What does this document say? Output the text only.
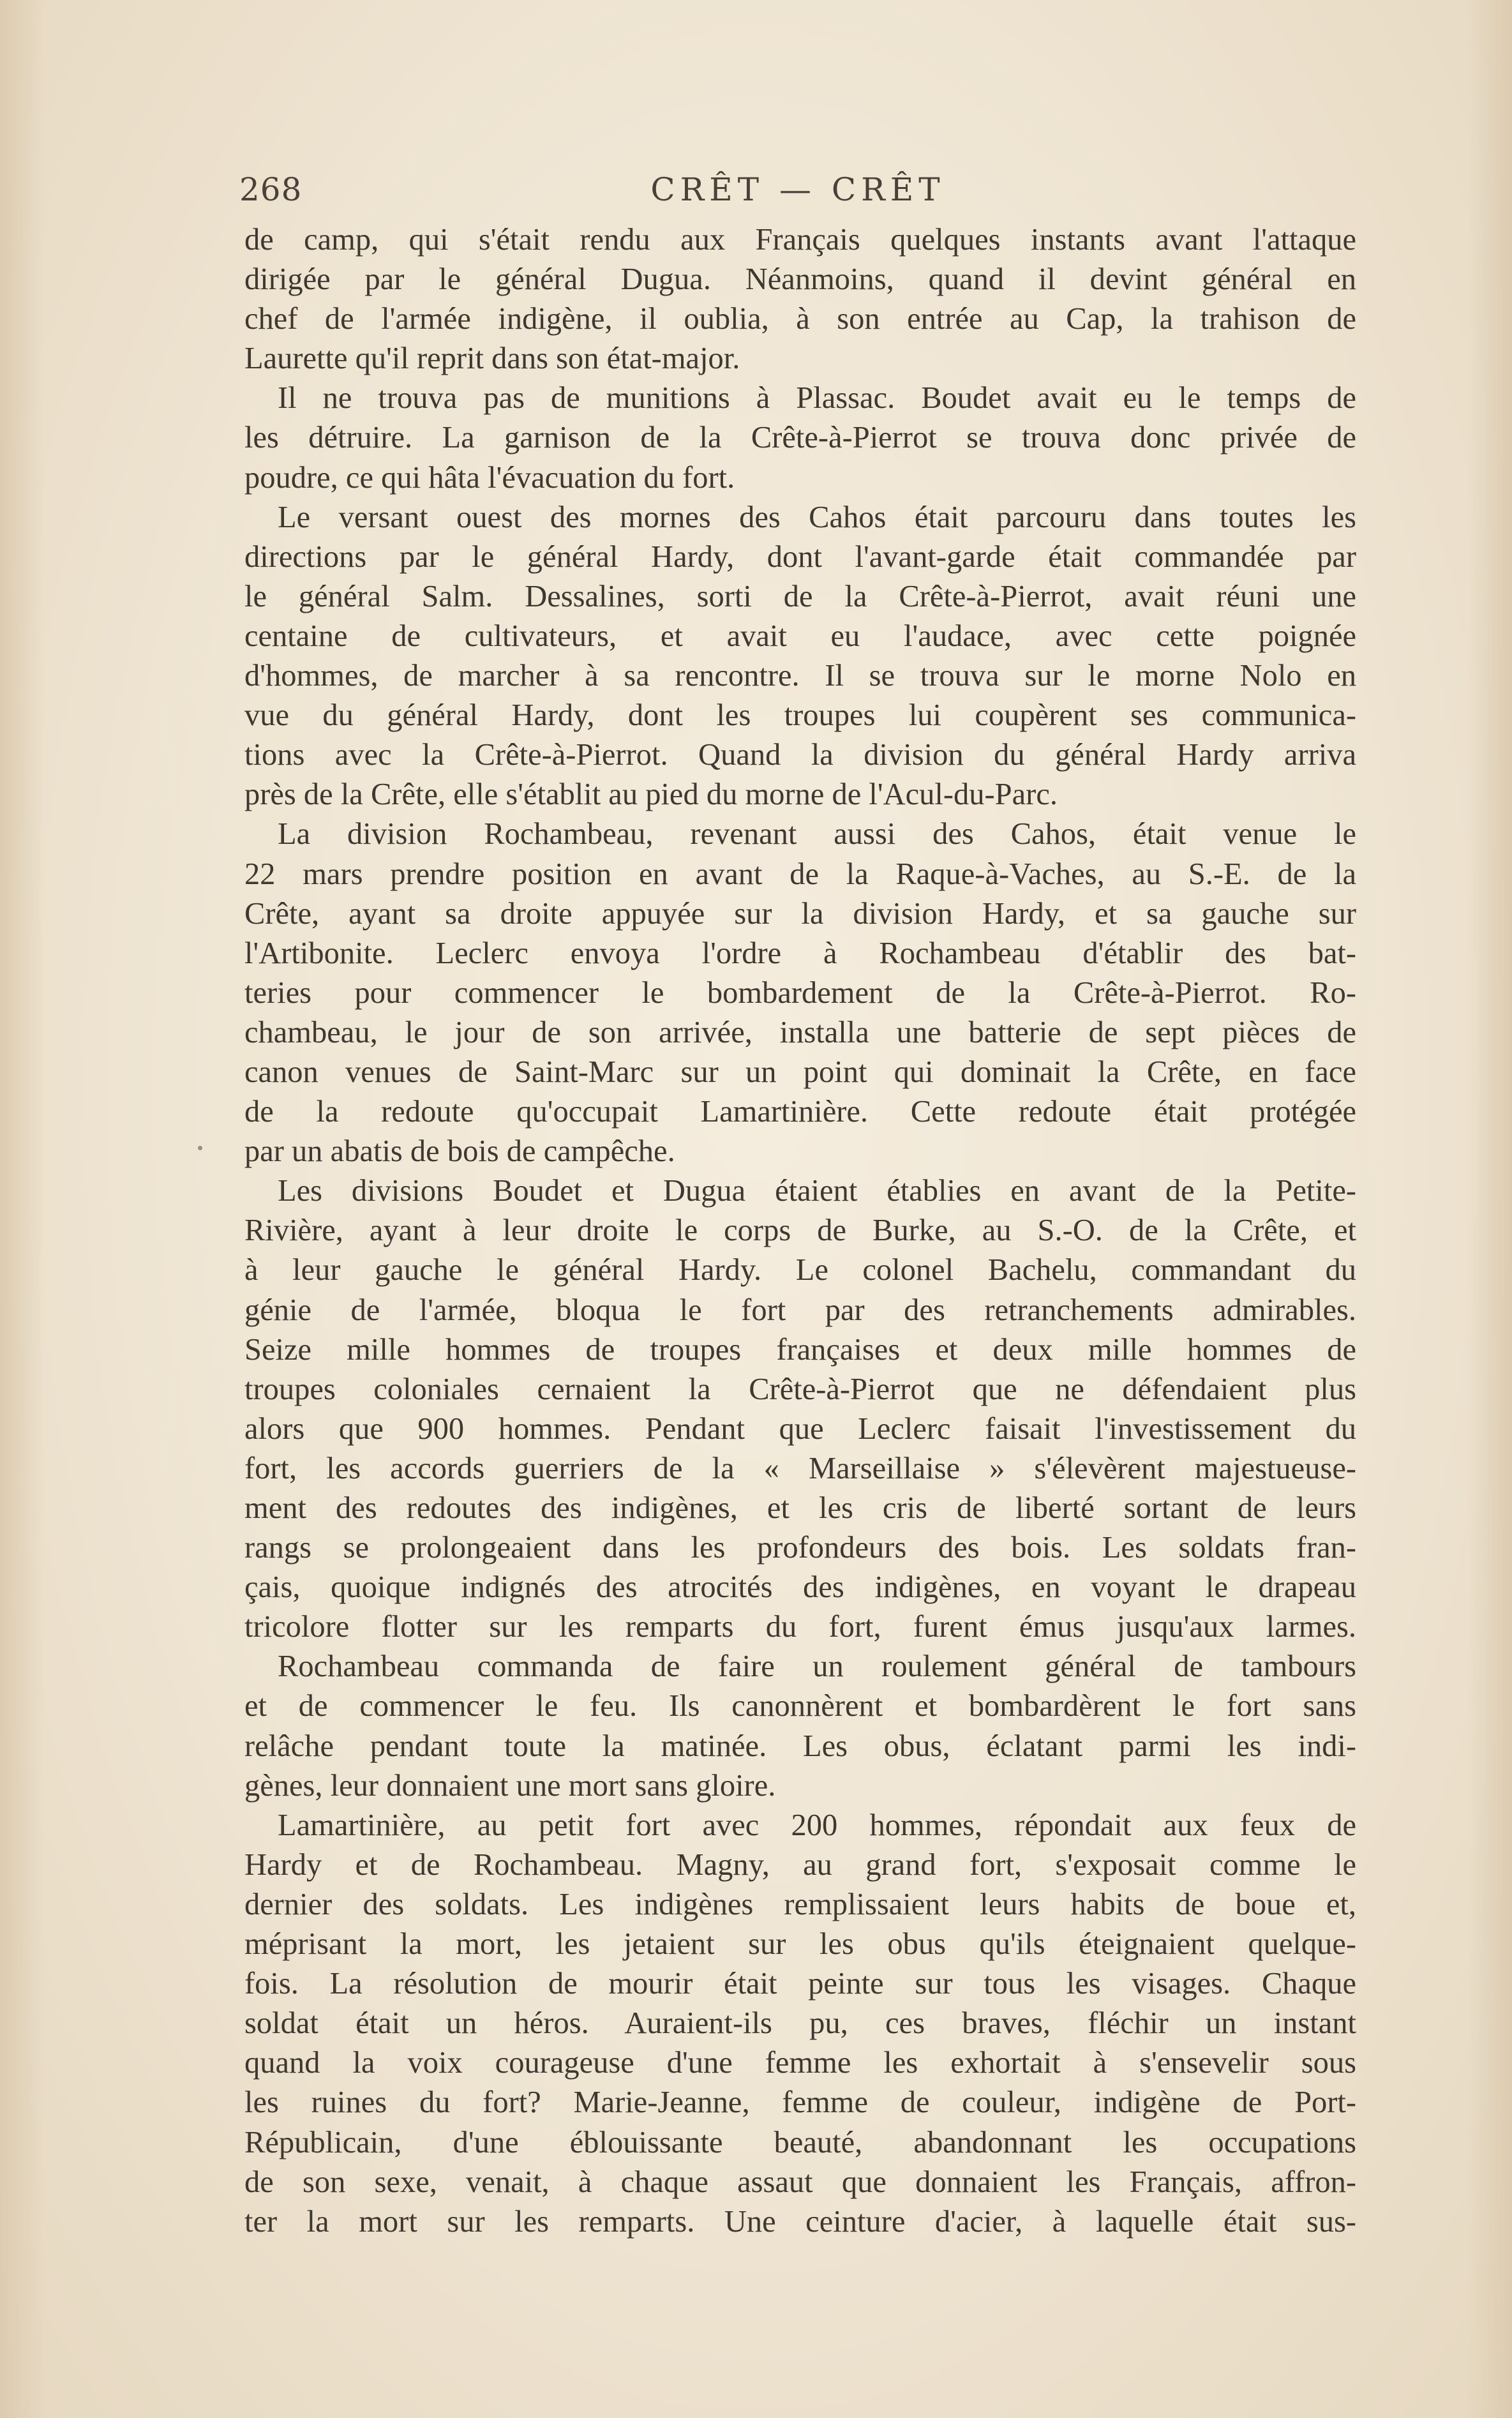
268	CRÊT — CRÊT
de camp, qui s'était rendu aux Français quelques instants avant l'attaque
dirigée par le général Dugua. Néanmoins, quand il devint général en
chef de l'armée indigène, il oublia, à son entrée au Cap, la trahison de
Laurette qu'il reprit dans son état-major.
Il ne trouva pas de munitions à Plassac. Boudet avait eu le temps de
les détruire. La garnison de la Crête-à-Pierrot se trouva donc privée de
poudre, ce qui hâta l'évacuation du fort.
Le versant ouest des mornes des Cahos était parcouru dans toutes les
directions par le général Hardy, dont l'avant-garde était commandée par
le général Salm. Dessalines, sorti de la Crête-à-Pierrot, avait réuni une
centaine de cultivateurs, et avait eu l'audace, avec cette poignée
d'hommes, de marcher à sa rencontre. Il se trouva sur le morne Nolo en
vue du général Hardy, dont les troupes lui coupèrent ses communica-
tions avec la Crête-à-Pierrot. Quand la division du général Hardy arriva
près de la Crête, elle s'établit au pied du morne de l'Acul-du-Parc.
La division Rochambeau, revenant aussi des Cahos, était venue le
22 mars prendre position en avant de la Raque-à-Vaches, au S.-E. de la
Crête, ayant sa droite appuyée sur la division Hardy, et sa gauche sur
l'Artibonite. Leclerc envoya l'ordre à Rochambeau d'établir des bat-
teries pour commencer le bombardement de la Crête-à-Pierrot. Ro-
chambeau, le jour de son arrivée, installa une batterie de sept pièces de
canon venues de Saint-Marc sur un point qui dominait la Crête, en face
de la redoute qu'occupait Lamartinière. Cette redoute était protégée
par un abatis de bois de campêche.
Les divisions Boudet et Dugua étaient établies en avant de la Petite-
Rivière, ayant à leur droite le corps de Burke, au S.-O. de la Crête, et
à leur gauche le général Hardy. Le colonel Bachelu, commandant du
génie de l'armée, bloqua le fort par des retranchements admirables.
Seize mille hommes de troupes françaises et deux mille hommes de
troupes coloniales cernaient la Crête-à-Pierrot que ne défendaient plus
alors que 900 hommes. Pendant que Leclerc faisait l'investissement du
fort, les accords guerriers de la « Marseillaise » s'élevèrent majestueuse-
ment des redoutes des indigènes, et les cris de liberté sortant de leurs
rangs se prolongeaient dans les profondeurs des bois. Les soldats fran-
çais, quoique indignés des atrocités des indigènes, en voyant le drapeau
tricolore flotter sur les remparts du fort, furent émus jusqu'aux larmes.
Rochambeau commanda de faire un roulement général de tambours
et de commencer le feu. Ils canonnèrent et bombardèrent le fort sans
relâche pendant toute la matinée. Les obus, éclatant parmi les indi-
gènes, leur donnaient une mort sans gloire.
Lamartinière, au petit fort avec 200 hommes, répondait aux feux de
Hardy et de Rochambeau. Magny, au grand fort, s'exposait comme le
dernier des soldats. Les indigènes remplissaient leurs habits de boue et,
méprisant la mort, les jetaient sur les obus qu'ils éteignaient quelque-
fois. La résolution de mourir était peinte sur tous les visages. Chaque
soldat était un héros. Auraient-ils pu, ces braves, fléchir un instant
quand la voix courageuse d'une femme les exhortait à s'ensevelir sous
les ruines du fort? Marie-Jeanne, femme de couleur, indigène de Port-
Républicain, d'une éblouissante beauté, abandonnant les occupations
de son sexe, venait, à chaque assaut que donnaient les Français, affron-
ter la mort sur les remparts. Une ceinture d'acier, à laquelle était sus-
